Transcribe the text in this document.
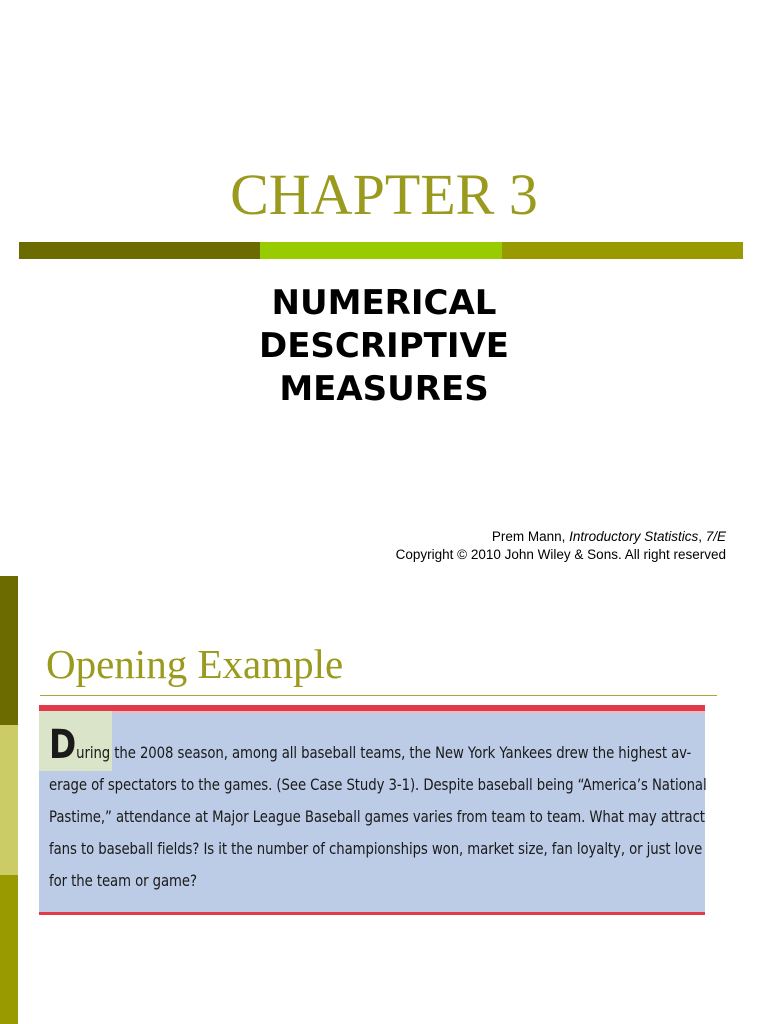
CHAPTER 3
NUMERICAL
DESCRIPTIVE
MEASURES
Prem Mann, Introductory Statistics, 7/E
Copyright © 2010 John Wiley & Sons. All right reserved
Opening Example
During the 2008 season, among all baseball teams, the New York Yankees drew the highest av-
erage of spectators to the games. (See Case Study 3-1). Despite baseball being “America’s National
Pastime,” attendance at Major League Baseball games varies from team to team. What may attract
fans to baseball fields? Is it the number of championships won, market size, fan loyalty, or just love
for the team or game?
